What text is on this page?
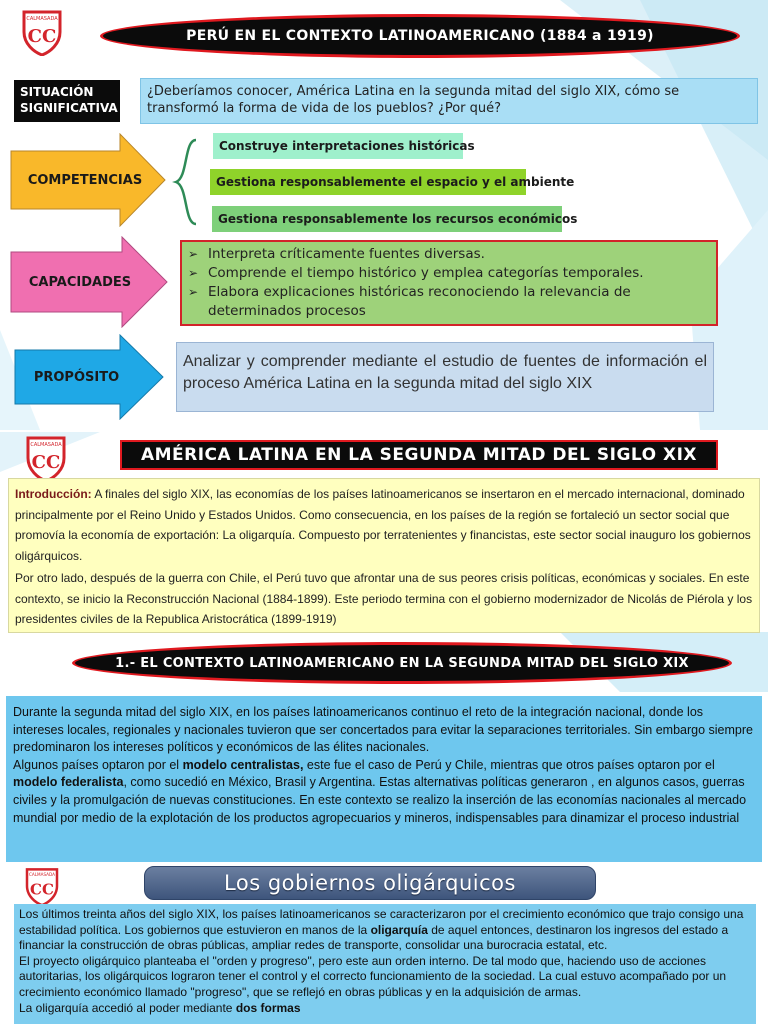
CALMASADA
CC	PERÚ EN EL CONTEXTO LATINOAMERICANO (1884 a 1919)
SITUACIÓN SIGNIFICATIVA
¿Deberíamos conocer, América Latina en la segunda mitad del siglo XIX, cómo se transformó la forma de vida de los pueblos? ¿Por qué?
COMPETENCIAS
Construye interpretaciones históricas
Gestiona responsablemente el espacio y el ambiente
Gestiona responsablemente los recursos económicos
CAPACIDADES
➢ Interpreta críticamente fuentes diversas.
➢ Comprende el tiempo histórico y emplea categorías temporales.
➢ Elabora explicaciones históricas reconociendo la relevancia de determinados procesos
PROPÓSITO
Analizar y comprender mediante el estudio de fuentes de información el proceso América Latina en la segunda mitad del siglo XIX
CALMASADA
CC	AMÉRICA LATINA EN LA SEGUNDA MITAD DEL SIGLO XIX

Introducción: A finales del siglo XIX, las economías de los países latinoamericanos se insertaron en el mercado internacional, dominado principalmente por el Reino Unido y Estados Unidos. Como consecuencia, en los países de la región se fortaleció un sector social que promovía la economía de exportación: La oligarquía. Compuesto por terratenientes y financistas, este sector social inauguro los gobiernos oligárquicos.

Por otro lado, después de la guerra con Chile, el Perú tuvo que afrontar una de sus peores crisis políticas, económicas y sociales. En este contexto, se inicio la Reconstrucción Nacional (1884-1899). Este periodo termina con el gobierno modernizador de Nicolás de Piérola y los presidentes civiles de la Republica Aristocrática (1899-1919)

1.- EL CONTEXTO LATINOAMERICANO EN LA SEGUNDA MITAD DEL SIGLO XIX

Durante la segunda mitad del siglo XIX, en los países latinoamericanos continuo el reto de la integración nacional, donde los intereses locales, regionales y nacionales tuvieron que ser concertados para evitar la separaciones territoriales. Sin embargo siempre predominaron los intereses políticos y económicos de las élites nacionales.

Algunos países optaron por el modelo centralistas, este fue el caso de Perú y Chile, mientras que otros países optaron por el modelo federalista, como sucedió en México, Brasil y Argentina. Estas alternativas políticas generaron , en algunos casos, guerras civiles y la promulgación de nuevas constituciones. En este contexto se realizo la inserción de las economías nacionales al mercado mundial por medio de la explotación de los productos agropecuarios y mineros, indispensables para dinamizar el proceso industrial

CALMASADA
CC	Los gobiernos oligárquicos

Los últimos treinta años del siglo XIX, los países latinoamericanos se caracterizaron por el crecimiento económico que trajo consigo una estabilidad política. Los gobiernos que estuvieron en manos de la oligarquía de aquel entonces, destinaron los ingresos del estado a financiar la construcción de obras públicas, ampliar redes de transporte, consolidar una burocracia estatal, etc.

El proyecto oligárquico planteaba el "orden y progreso", pero este aun orden interno. De tal modo que, haciendo uso de acciones autoritarias, los oligárquicos lograron tener el control y el correcto funcionamiento de la sociedad. La cual estuvo acompañado por un crecimiento económico llamado "progreso", que se reflejó en obras públicas y en la adquisición de armas.

La oligarquía accedió al poder mediante dos formas
